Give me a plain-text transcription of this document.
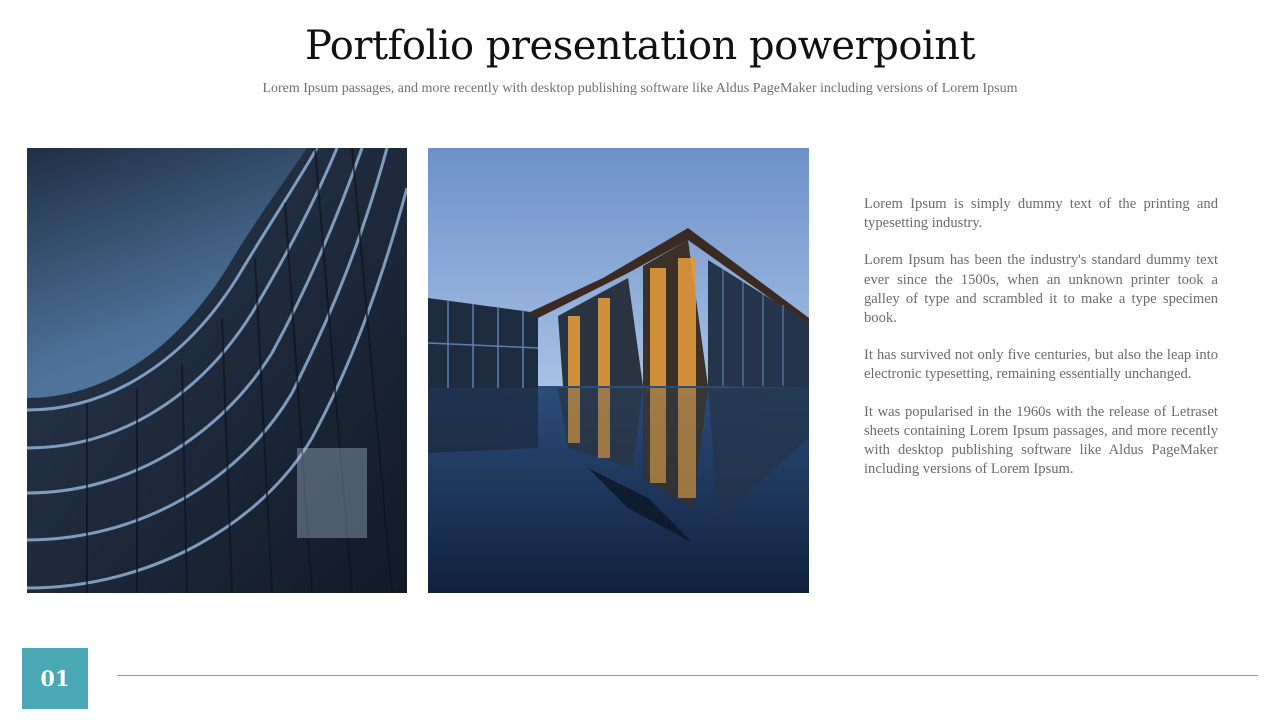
Portfolio presentation powerpoint
Lorem Ipsum passages, and more recently with desktop publishing software like Aldus PageMaker including versions of Lorem Ipsum

Lorem Ipsum is simply dummy text of the printing and typesetting industry.

Lorem Ipsum has been the industry's standard dummy text ever since the 1500s, when an unknown printer took a galley of type and scrambled it to make a type specimen book.

It has survived not only five centuries, but also the leap into electronic typesetting, remaining essentially unchanged.

It was popularised in the 1960s with the release of Letraset sheets containing Lorem Ipsum passages, and more recently with desktop publishing software like Aldus PageMaker including versions of Lorem Ipsum.

01
